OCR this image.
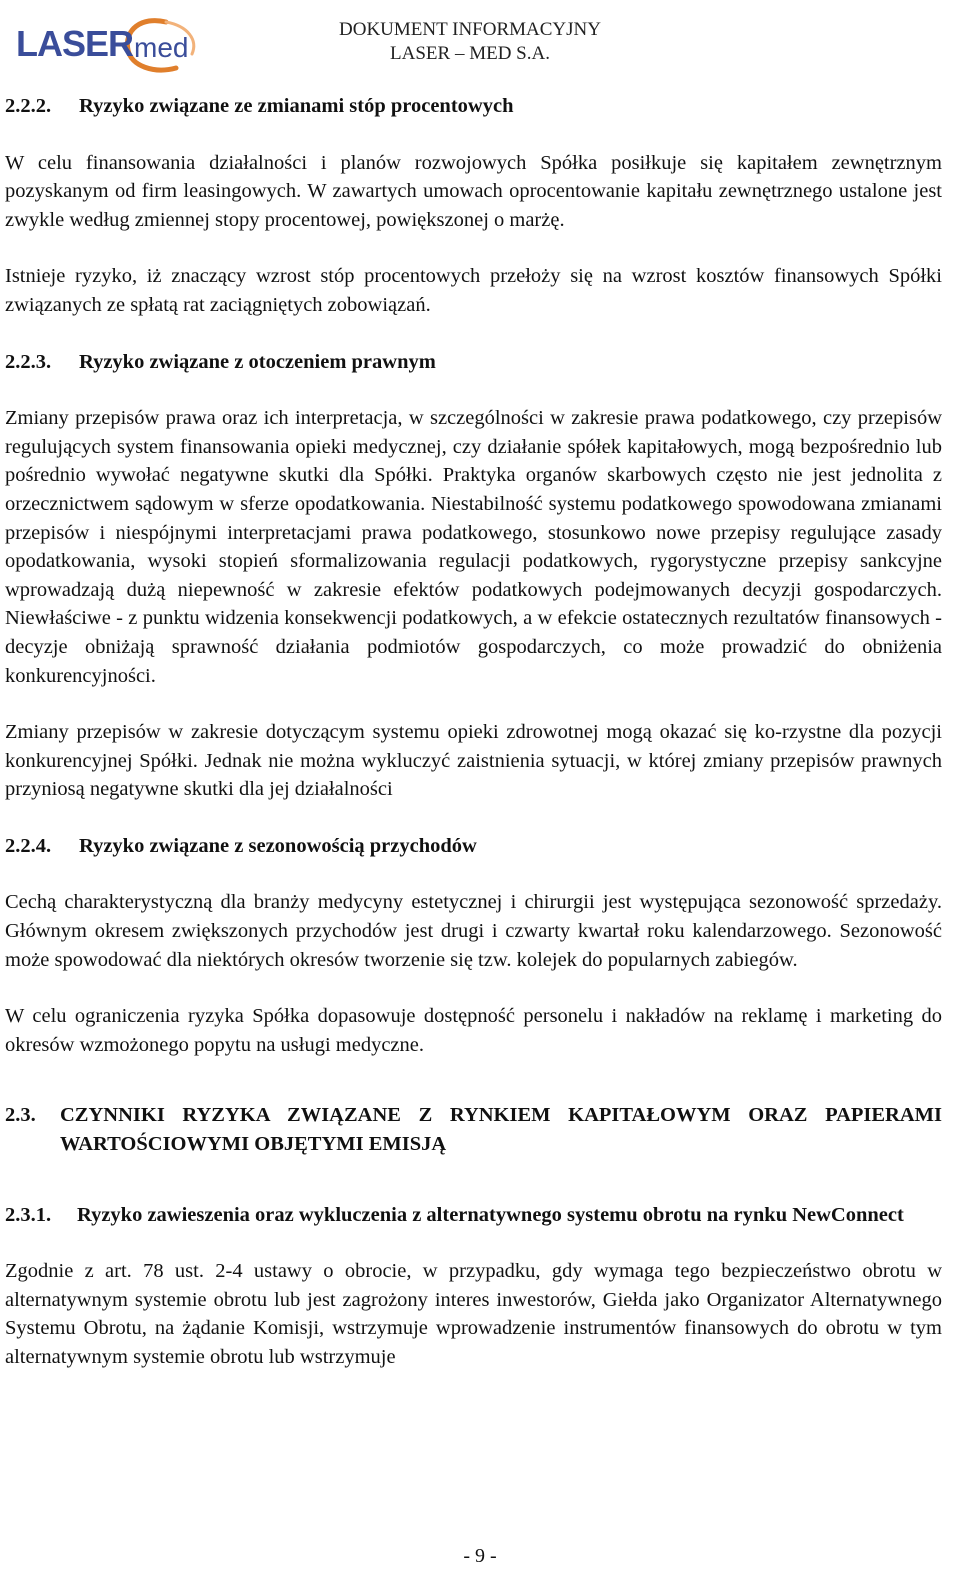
LASER med
DOKUMENT INFORMACYJNY
LASER – MED S.A.
2.2.2.	Ryzyko związane ze zmianami stóp procentowych

W celu finansowania działalności i planów rozwojowych Spółka posiłkuje się kapitałem zewnętrznym pozyskanym od firm leasingowych. W zawartych umowach oprocentowanie kapitału zewnętrznego ustalone jest zwykle według zmiennej stopy procentowej, powiększonej o marżę.

Istnieje ryzyko, iż znaczący wzrost stóp procentowych przełoży się na wzrost kosztów finansowych Spółki związanych ze spłatą rat zaciągniętych zobowiązań.

2.2.3.	Ryzyko związane z otoczeniem prawnym

Zmiany przepisów prawa oraz ich interpretacja, w szczególności w zakresie prawa podatkowego, czy przepisów regulujących system finansowania opieki medycznej, czy działanie spółek kapitałowych, mogą bezpośrednio lub pośrednio wywołać negatywne skutki dla Spółki. Praktyka organów skarbowych często nie jest jednolita z orzecznictwem sądowym w sferze opodatkowania. Niestabilność systemu podatkowego spowodowana zmianami przepisów i niespójnymi interpretacjami prawa podatkowego, stosunkowo nowe przepisy regulujące zasady opodatkowania, wysoki stopień sformalizowania regulacji podatkowych, rygorystyczne przepisy sankcyjne wprowadzają dużą niepewność w zakresie efektów podatkowych podejmowanych decyzji gospodarczych. Niewłaściwe - z punktu widzenia konsekwencji podatkowych, a w efekcie ostatecznych rezultatów finansowych - decyzje obniżają sprawność działania podmiotów gospodarczych, co może prowadzić do obniżenia konkurencyjności.

Zmiany przepisów w zakresie dotyczącym systemu opieki zdrowotnej mogą okazać się ko-rzystne dla pozycji konkurencyjnej Spółki. Jednak nie można wykluczyć zaistnienia sytuacji, w której zmiany przepisów prawnych przyniosą negatywne skutki dla jej działalności

2.2.4.	Ryzyko związane z sezonowością przychodów

Cechą charakterystyczną dla branży medycyny estetycznej i chirurgii jest występująca sezonowość sprzedaży. Głównym okresem zwiększonych przychodów jest drugi i czwarty kwartał roku kalendarzowego. Sezonowość może spowodować dla niektórych okresów tworzenie się tzw. kolejek do popularnych zabiegów.

W celu ograniczenia ryzyka Spółka dopasowuje dostępność personelu i nakładów na reklamę i marketing do okresów wzmożonego popytu na usługi medyczne.

2.3.	CZYNNIKI RYZYKA ZWIĄZANE Z RYNKIEM KAPITAŁOWYM ORAZ PAPIERAMI WARTOŚCIOWYMI OBJĘTYMI EMISJĄ
2.3.1.	Ryzyko zawieszenia oraz wykluczenia z alternatywnego systemu obrotu na rynku NewConnect

Zgodnie z art. 78 ust. 2-4 ustawy o obrocie, w przypadku, gdy wymaga tego bezpieczeństwo obrotu w alternatywnym systemie obrotu lub jest zagrożony interes inwestorów, Giełda jako Organizator Alternatywnego Systemu Obrotu, na żądanie Komisji, wstrzymuje wprowadzenie instrumentów finansowych do obrotu w tym alternatywnym systemie obrotu lub wstrzymuje

- 9 -
